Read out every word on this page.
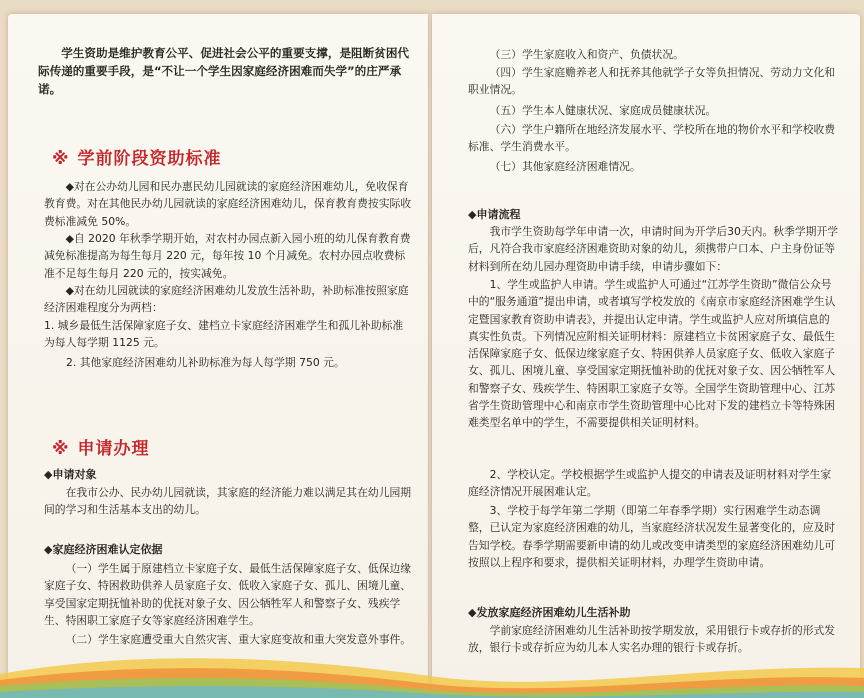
学生资助是维护教育公平、促进社会公平的重要支撑，是阻断贫困代际传递的重要手段，是“不让一个学生因家庭经济困难而失学”的庄严承诺。
※ 学前阶段资助标准
◆对在公办幼儿园和民办惠民幼儿园就读的家庭经济困难幼儿，免收保育教育费。对在其他民办幼儿园就读的家庭经济困难幼儿，保育教育费按实际收费标准减免 50%。
◆自 2020 年秋季学期开始，对农村办园点新入园小班的幼儿保育教育费减免标准提高为每生每月 220 元，每年按 10 个月减免。农村办园点收费标准不足每生每月 220 元的，按实减免。
◆对在幼儿园就读的家庭经济困难幼儿发放生活补助，补助标准按照家庭经济困难程度分为两档：
1. 城乡最低生活保障家庭子女、建档立卡家庭经济困难学生和孤儿补助标准为每人每学期 1125 元。
2. 其他家庭经济困难幼儿补助标准为每人每学期 750 元。
※ 申请办理
◆申请对象
在我市公办、民办幼儿园就读，其家庭的经济能力难以满足其在幼儿园期间的学习和生活基本支出的幼儿。
◆家庭经济困难认定依据
（一）学生属于原建档立卡家庭子女、最低生活保障家庭子女、低保边缘家庭子女、特困救助供养人员家庭子女、低收入家庭子女、孤儿、困境儿童、享受国家定期抚恤补助的优抚对象子女、因公牺牲军人和警察子女、残疾学生、特困职工家庭子女等家庭经济困难学生。
（二）学生家庭遭受重大自然灾害、重大家庭变故和重大突发意外事件。
（三）学生家庭收入和资产、负债状况。
（四）学生家庭赡养老人和抚养其他就学子女等负担情况、劳动力文化和职业情况。
（五）学生本人健康状况、家庭成员健康状况。
（六）学生户籍所在地经济发展水平、学校所在地的物价水平和学校收费标准、学生消费水平。
（七）其他家庭经济困难情况。
◆申请流程
我市学生资助每学年申请一次，申请时间为开学后30天内。秋季学期开学后，凡符合我市家庭经济困难资助对象的幼儿，须携带户口本、户主身份证等材料到所在幼儿园办理资助申请手续，申请步骤如下：
1、学生或监护人申请。学生或监护人可通过“江苏学生资助”微信公众号中的“服务通道”提出申请，或者填写学校发放的《南京市家庭经济困难学生认定暨国家教育资助申请表》，并提出认定申请。学生或监护人应对所填信息的真实性负责。下列情况应附相关证明材料：原建档立卡贫困家庭子女、最低生活保障家庭子女、低保边缘家庭子女、特困供养人员家庭子女、低收入家庭子女、孤儿、困境儿童、享受国家定期抚恤补助的优抚对象子女、因公牺牲军人和警察子女、残疾学生、特困职工家庭子女等。全国学生资助管理中心、江苏省学生资助管理中心和南京市学生资助管理中心比对下发的建档立卡等特殊困难类型名单中的学生，不需要提供相关证明材料。
2、学校认定。学校根据学生或监护人提交的申请表及证明材料对学生家庭经济情况开展困难认定。
3、学校于每学年第二学期（即第二年春季学期）实行困难学生动态调整，已认定为家庭经济困难的幼儿，当家庭经济状况发生显著变化的，应及时告知学校。春季学期需要新申请的幼儿或改变申请类型的家庭经济困难幼儿可按照以上程序和要求，提供相关证明材料，办理学生资助申请。
◆发放家庭经济困难幼儿生活补助
学前家庭经济困难幼儿生活补助按学期发放，采用银行卡或存折的形式发放，银行卡或存折应为幼儿本人实名办理的银行卡或存折。
